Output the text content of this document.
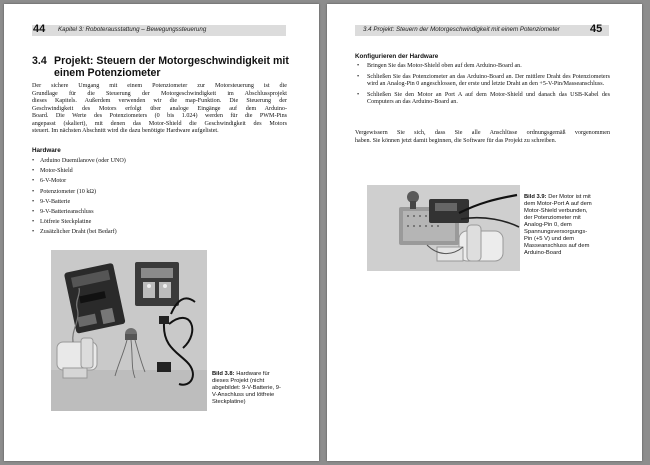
44 Kapitel 3: Roboterausstattung – Bewegungssteuerung
3.4 Projekt: Steuern der Motorgeschwindigkeit mit
einem Potenziometer
Der sichere Umgang mit einem Potenziometer zur Motorsteuerung ist die
Grundlage für die Steuerung der Motorgeschwindigkeit im Abschlussprojekt
dieses Kapitels. Außerdem verwenden wir die map-Funktion. Die Steuerung der
Geschwindigkeit des Motors erfolgt über analoge Eingänge auf dem Arduino-
Board. Die Werte des Potenziometers (0 bis 1.024) werden für die PWM-Pins
angepasst (skaliert), mit denen das Motor-Shield die Geschwindigkeit des Motors
steuert. Im nächsten Abschnitt wird die dazu benötigte Hardware aufgelistet.
Hardware
• Arduino Duemilanove (oder UNO)
• Motor-Shield
• 6-V-Motor
• Potenziometer (10 kΩ)
• 9-V-Batterie
• 9-V-Batterieanschluss
• Lötfreie Steckplatine
• Zusätzlicher Draht (bei Bedarf)
Bild 3.8: Hardware für dieses Projekt (nicht abgebildet: 9-V-Batterie, 9-V-Anschluss und lötfreie Steckplatine)
3.4 Projekt: Steuern der Motorgeschwindigkeit mit einem Potenziometer	45
Konfigurieren der Hardware
• Bringen Sie das Motor-Shield oben auf dem Arduino-Board an.
• Schließen Sie das Potenziometer an das Arduino-Board an. Der mittlere Draht des Potenziometers wird an Analog-Pin 0 angeschlossen, der erste und letzte Draht an den +5-V-Pin/Masseanschluss.
• Schließen Sie den Motor an Port A auf dem Motor-Shield und danach das USB-Kabel des Computers an das Arduino-Board an.
Vergewissern Sie sich, dass Sie alle Anschlüsse ordnungsgemäß vorgenommen
haben. Sie können jetzt damit beginnen, die Software für das Projekt zu schreiben.
Bild 3.9: Der Motor ist mit dem Motor-Port A auf dem Motor-Shield verbunden, der Potenziometer mit Analog-Pin 0, dem Spannungsversorgungs-Pin (+5 V) und dem Masseanschluss auf dem Arduino-Board
